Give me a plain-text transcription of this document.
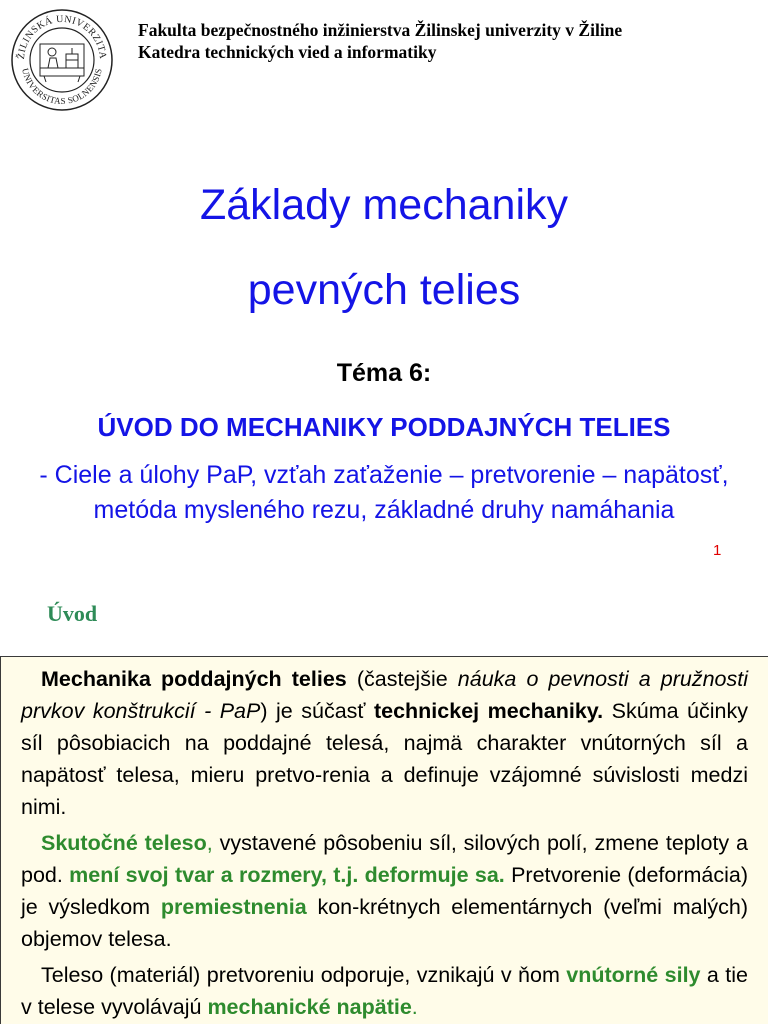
ŽILINSKÁ UNIVERZITA
UNIVERSITAS SOLNENSIS
Fakulta bezpečnostného inžinierstva Žilinskej univerzity v Žiline
Katedra technických vied a informatiky
Základy mechaniky
pevných telies
Téma 6:
ÚVOD DO MECHANIKY PODDAJNÝCH TELIES
- Ciele a úlohy PaP, vzťah zaťaženie – pretvorenie – napätosť, metóda mysleného rezu, základné druhy namáhania
1
Úvod

Mechanika poddajných telies (častejšie náuka o pevnosti a pružnosti prvkov konštrukcií - PaP) je súčasť technickej mechaniky. Skúma účinky síl pôsobiacich na poddajné telesá, najmä charakter vnútorných síl a napätosť telesa, mieru pretvo-renia a definuje vzájomné súvislosti medzi nimi.

Skutočné teleso, vystavené pôsobeniu síl, silových polí, zmene teploty a pod. mení svoj tvar a rozmery, t.j. deformuje sa. Pretvorenie (deformácia) je výsledkom premiestnenia kon-krétnych elementárnych (veľmi malých) objemov telesa.

Teleso (materiál) pretvoreniu odporuje, vznikajú v ňom vnútorné sily a tie v telese vyvolávajú mechanické napätie.
